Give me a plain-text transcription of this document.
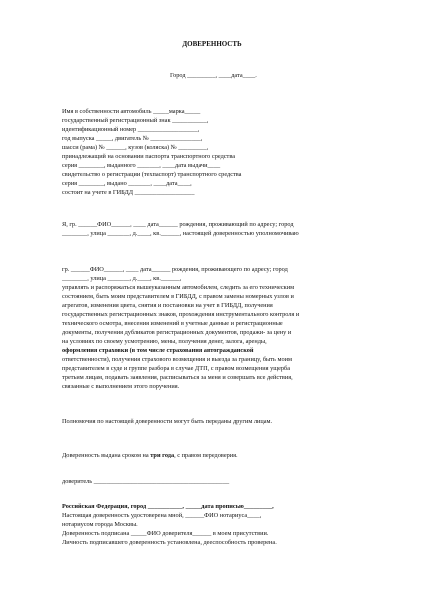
ДОВЕРЕННОСТЬ
Город _________, ____дата____.
Имя в собственности автомобиль _____марка_____
государственный регистрационный знак ___________,
идентификационный номер ___________________,
год выпуска _____, двигатель № ________________,
шасси (рама) № ______, кузов (коляска) № _________,
принадлежащий на основании паспорта транспортного средства
серия ________, выданного _______, ____дата выдачи____
свидетельство о регистрации (техпаспорт) транспортного средства
серия ________, выдано _______, ____дата____,
состоит на учете в ГИБДД ___________________
Я, гр. ______ФИО______, ____ дата______ рождения, проживающий по адресу; город
________, улица _______, д.____, кв.______, настоящей доверенностью уполномочиваю
гр. ______ФИО______, ____ дата______ рождения, проживающего по адресу; город
________, улица _______, д.____, кв.______,
управлять и распоряжаться вышеуказанным автомобилем, следить за его техническим
состоянием, быть моим представителем в ГИБДД, с правом замены номерных узлов и
агрегатов, изменения цвета, снятия и постановки на учет в ГИБДД, получения
государственных регистрационных знаков, прохождения инструментального контроля и
технического осмотра, внесения изменений в учетные данные и регистрационные
документы, получения дубликатов регистрационных документов, продажи- за цену и
на условиях по своему усмотрению, мены, получения денег, залога, аренды,
оформления страховки (в том числе страхования автогражданской
ответственности), получения страхового возмещения и выезда за границу, быть моим
представителем в суде и группе разбора в случае ДТП, с правом возмещения ущерба
третьим лицам, подавать заявления, расписываться за меня и совершать все действия,
связанные с выполнением этого поручения.
Полномочия по настоящей доверенности могут быть переданы другим лицам.
Доверенность выдана сроком на три года, с правом передоверия.
доверитель ___________________________________________
Российская Федерация, город ___________, _____дата прописью_________,
Настоящая доверенность удостоверена мной, ______ФИО нотариуса____,
нотариусом города Москвы.
Доверенность подписана _____ФИО доверителя______ в моем присутствии.
Личность подписавшего доверенность установлена, дееспособность проверена.
